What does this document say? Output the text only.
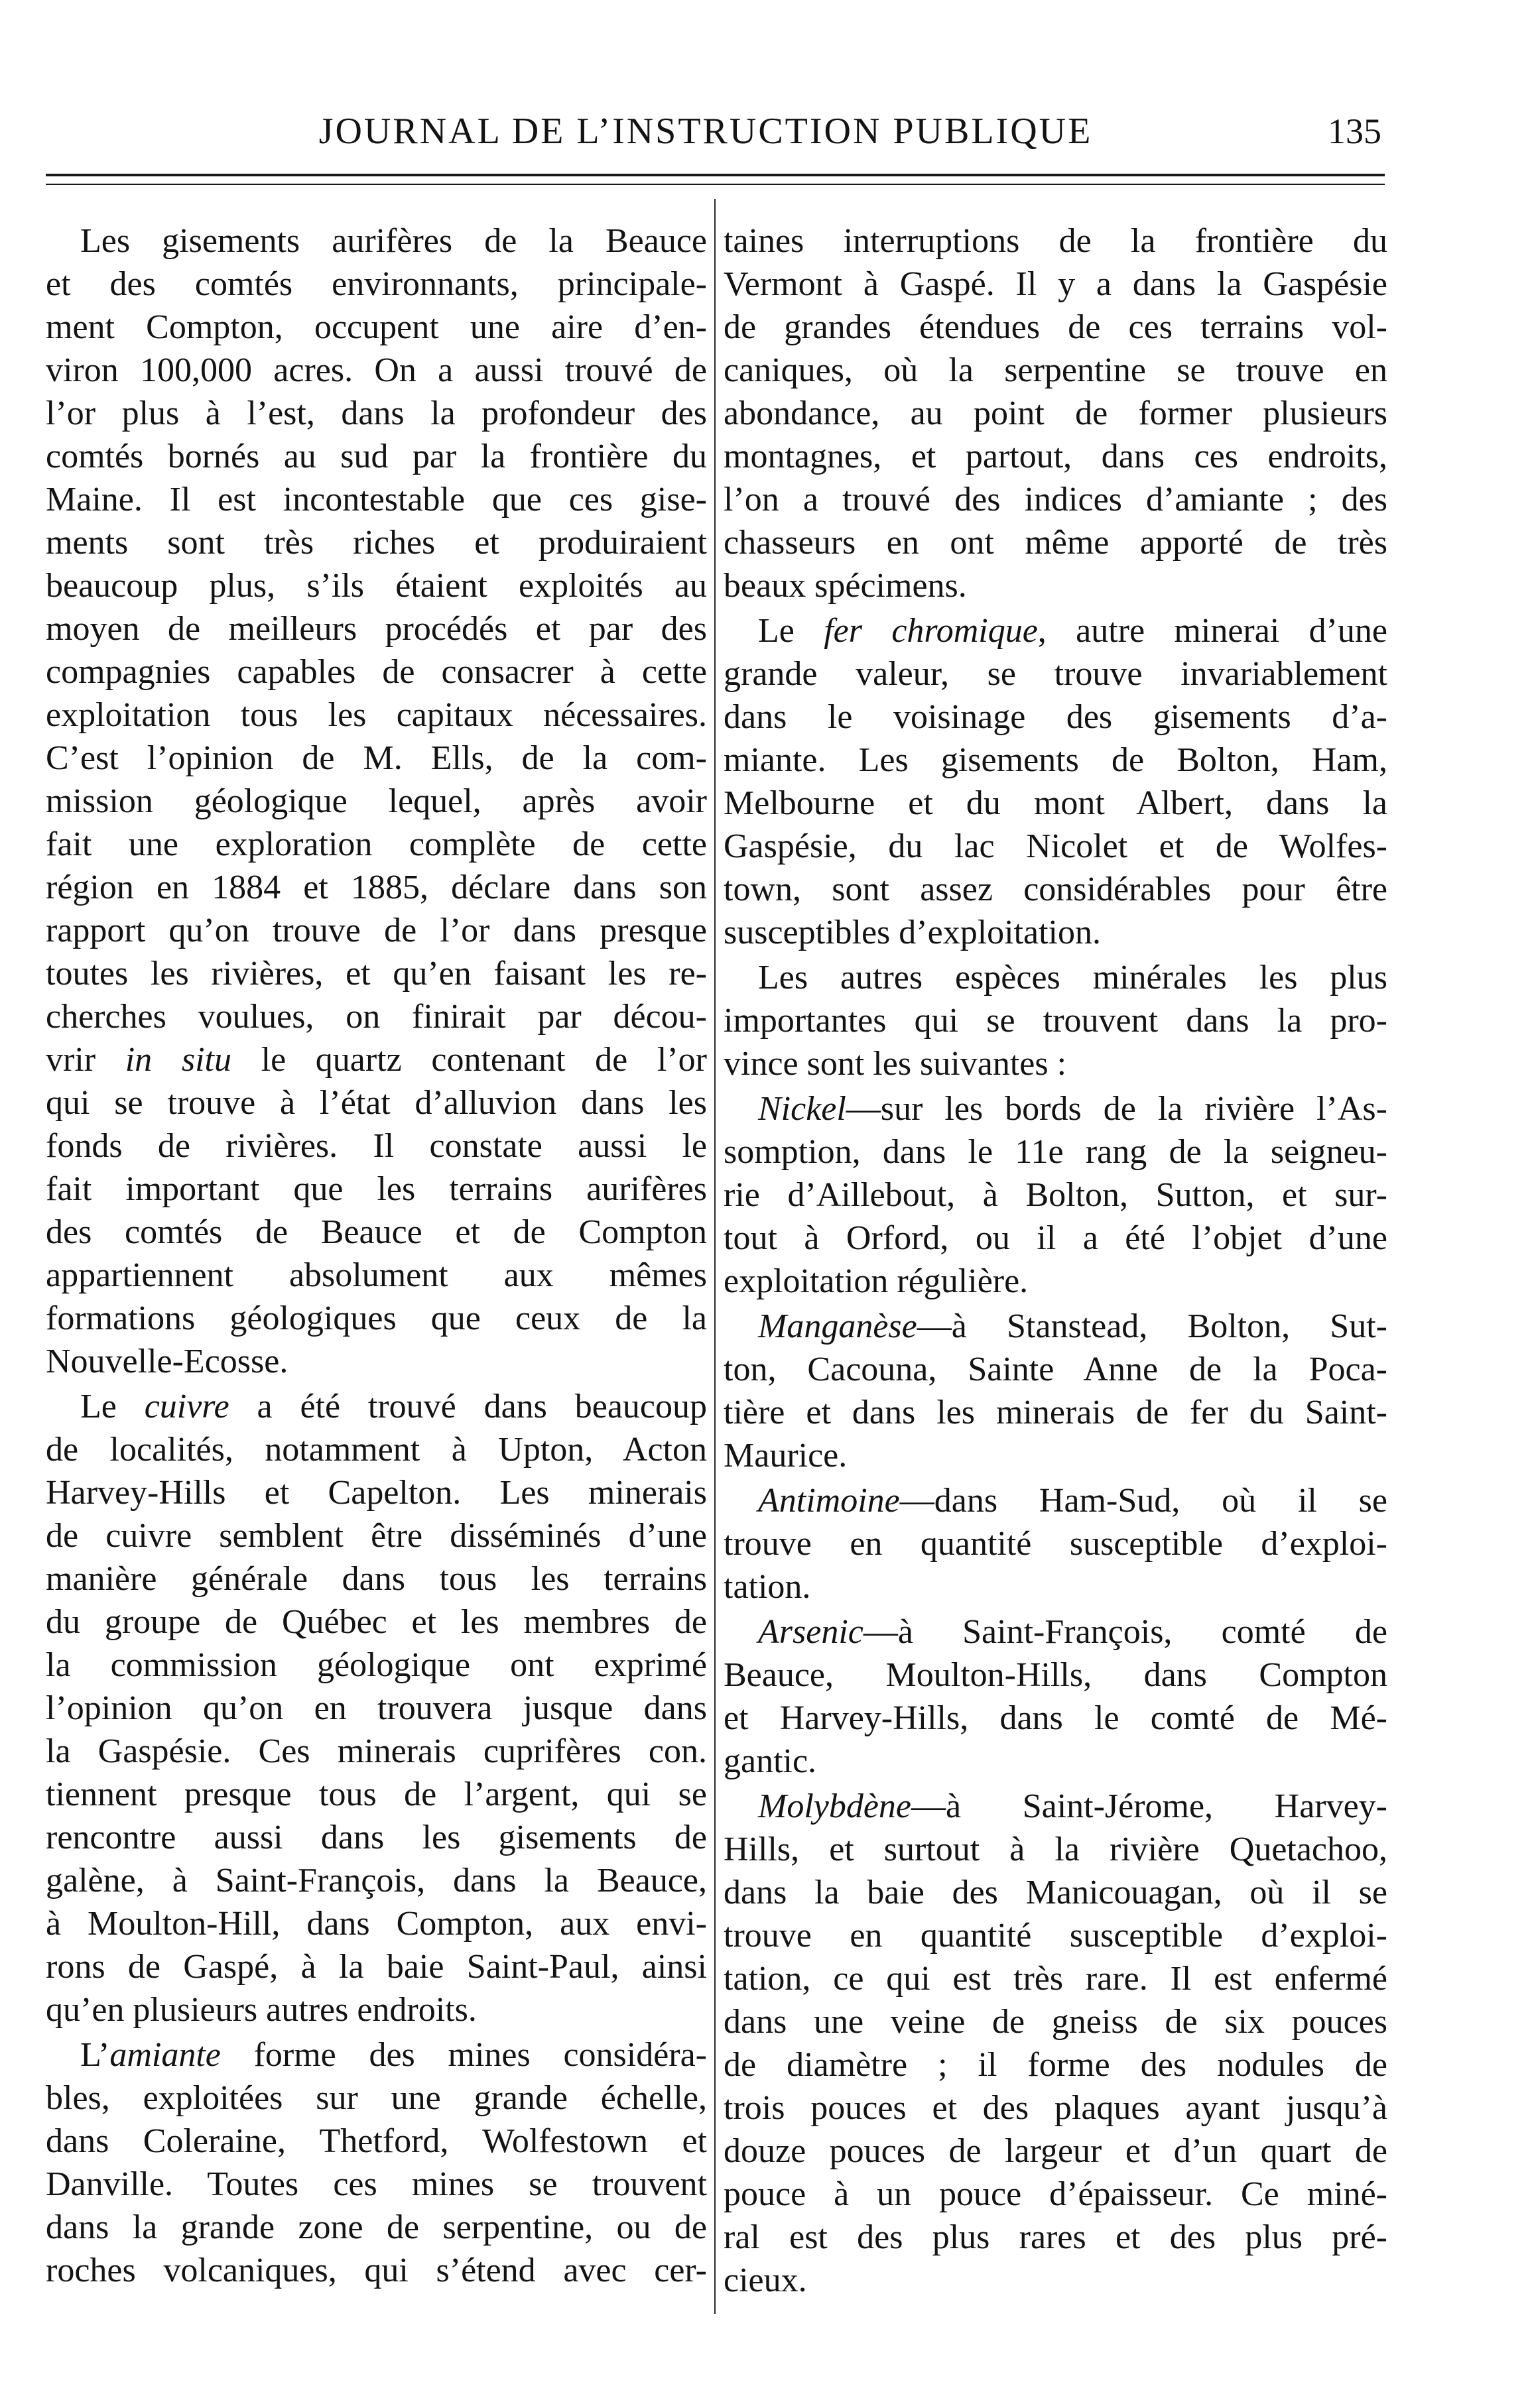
JOURNAL DE L’INSTRUCTION PUBLIQUE	135
Les gisements aurifères de la Beauce
et des comtés environnants, principale-
ment Compton, occupent une aire d’en-
viron 100,000 acres. On a aussi trouvé de
l’or plus à l’est, dans la profondeur des
comtés bornés au sud par la frontière du
Maine. Il est incontestable que ces gise-
ments sont très riches et produiraient
beaucoup plus, s’ils étaient exploités au
moyen de meilleurs procédés et par des
compagnies capables de consacrer à cette
exploitation tous les capitaux nécessaires.
C’est l’opinion de M. Ells, de la com-
mission géologique lequel, après avoir
fait une exploration complète de cette
région en 1884 et 1885, déclare dans son
rapport qu’on trouve de l’or dans presque
toutes les rivières, et qu’en faisant les re-
cherches voulues, on finirait par décou-
vrir in situ le quartz contenant de l’or
qui se trouve à l’état d’alluvion dans les
fonds de rivières. Il constate aussi le
fait important que les terrains aurifères
des comtés de Beauce et de Compton
appartiennent absolument aux mêmes
formations géologiques que ceux de la
Nouvelle-Ecosse.
Le cuivre a été trouvé dans beaucoup
de localités, notamment à Upton, Acton
Harvey-Hills et Capelton. Les minerais
de cuivre semblent être disséminés d’une
manière générale dans tous les terrains
du groupe de Québec et les membres de
la commission géologique ont exprimé
l’opinion qu’on en trouvera jusque dans
la Gaspésie. Ces minerais cuprifères con.
tiennent presque tous de l’argent, qui se
rencontre aussi dans les gisements de
galène, à Saint-François, dans la Beauce,
à Moulton-Hill, dans Compton, aux envi-
rons de Gaspé, à la baie Saint-Paul, ainsi
qu’en plusieurs autres endroits.
L’amiante forme des mines considéra-
bles, exploitées sur une grande échelle,
dans Coleraine, Thetford, Wolfestown et
Danville. Toutes ces mines se trouvent
dans la grande zone de serpentine, ou de
roches volcaniques, qui s’étend avec cer-
taines interruptions de la frontière du
Vermont à Gaspé. Il y a dans la Gaspésie
de grandes étendues de ces terrains vol-
caniques, où la serpentine se trouve en
abondance, au point de former plusieurs
montagnes, et partout, dans ces endroits,
l’on a trouvé des indices d’amiante ; des
chasseurs en ont même apporté de très
beaux spécimens.
Le fer chromique, autre minerai d’une
grande valeur, se trouve invariablement
dans le voisinage des gisements d’a-
miante. Les gisements de Bolton, Ham,
Melbourne et du mont Albert, dans la
Gaspésie, du lac Nicolet et de Wolfes-
town, sont assez considérables pour être
susceptibles d’exploitation.
Les autres espèces minérales les plus
importantes qui se trouvent dans la pro-
vince sont les suivantes :
Nickel—sur les bords de la rivière l’As-
somption, dans le 11e rang de la seigneu-
rie d’Aillebout, à Bolton, Sutton, et sur-
tout à Orford, ou il a été l’objet d’une
exploitation régulière.
Manganèse—à Stanstead, Bolton, Sut-
ton, Cacouna, Sainte Anne de la Poca-
tière et dans les minerais de fer du Saint-
Maurice.
Antimoine—dans Ham-Sud, où il se
trouve en quantité susceptible d’exploi-
tation.
Arsenic—à Saint-François, comté de
Beauce, Moulton-Hills, dans Compton
et Harvey-Hills, dans le comté de Mé-
gantic.
Molybdène—à Saint-Jérome, Harvey-
Hills, et surtout à la rivière Quetachoo,
dans la baie des Manicouagan, où il se
trouve en quantité susceptible d’exploi-
tation, ce qui est très rare. Il est enfermé
dans une veine de gneiss de six pouces
de diamètre ; il forme des nodules de
trois pouces et des plaques ayant jusqu’à
douze pouces de largeur et d’un quart de
pouce à un pouce d’épaisseur. Ce miné-
ral est des plus rares et des plus pré-
cieux.
